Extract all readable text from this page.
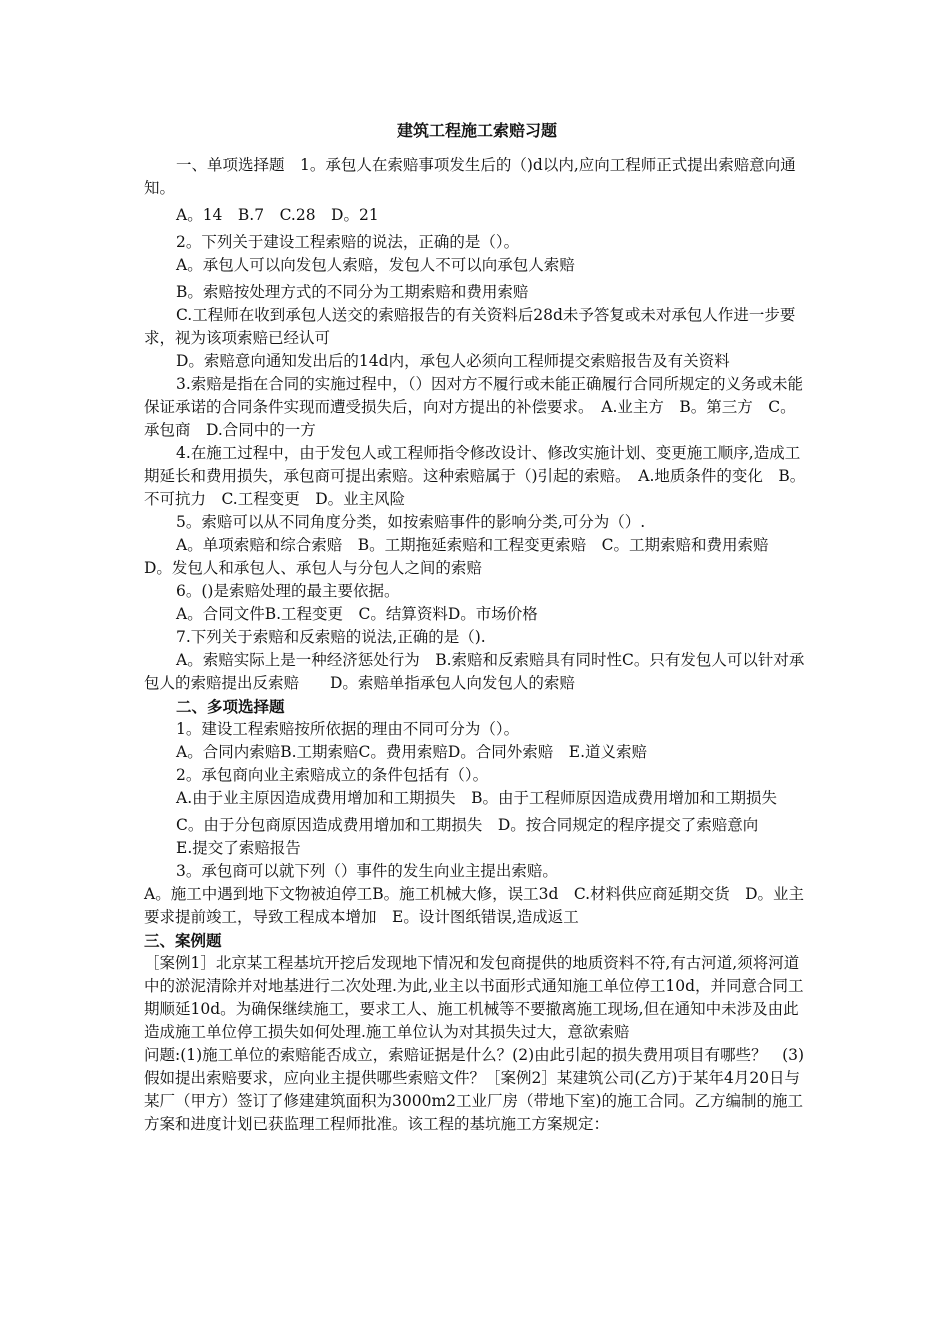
建筑工程施工索赔习题

一、单项选择题　1。承包人在索赔事项发生后的（)d以内,应向工程师正式提出索赔意向通知。

A。14　B.7　C.28　D。21

2。下列关于建设工程索赔的说法，正确的是（）。

A。承包人可以向发包人索赔，发包人不可以向承包人索赔

B。索赔按处理方式的不同分为工期索赔和费用索赔

C.工程师在收到承包人送交的索赔报告的有关资料后28d未予答复或未对承包人作进一步要求，视为该项索赔已经认可

D。索赔意向通知发出后的14d内，承包人必须向工程师提交索赔报告及有关资料

3.索赔是指在合同的实施过程中，（）因对方不履行或未能正确履行合同所规定的义务或未能保证承诺的合同条件实现而遭受损失后，向对方提出的补偿要求。　A.业主方　B。第三方　C。承包商　D.合同中的一方

4.在施工过程中，由于发包人或工程师指令修改设计、修改实施计划、变更施工顺序,造成工期延长和费用损失，承包商可提出索赔。这种索赔属于（)引起的索赔。　A.地质条件的变化　B。不可抗力　C.工程变更　D。业主风险

5。索赔可以从不同角度分类，如按索赔事件的影响分类,可分为（）.

A。单项索赔和综合索赔　B。工期拖延索赔和工程变更索赔　C。工期索赔和费用索赔　D。发包人和承包人、承包人与分包人之间的索赔

6。()是索赔处理的最主要依据。

A。合同文件B.工程变更　C。结算资料D。市场价格

7.下列关于索赔和反索赔的说法,正确的是（).

A。索赔实际上是一种经济惩处行为　B.索赔和反索赔具有同时性C。只有发包人可以针对承包人的索赔提出反索赔　　D。索赔单指承包人向发包人的索赔

二、多项选择题

1。建设工程索赔按所依据的理由不同可分为（）。

A。合同内索赔B.工期索赔C。费用索赔D。合同外索赔　E.道义索赔

2。承包商向业主索赔成立的条件包括有（）。

A.由于业主原因造成费用增加和工期损失　B。由于工程师原因造成费用增加和工期损失

C。由于分包商原因造成费用增加和工期损失　D。按合同规定的程序提交了索赔意向

E.提交了索赔报告

3。承包商可以就下列（）事件的发生向业主提出索赔。

A。施工中遇到地下文物被迫停工B。施工机械大修，误工3d　C.材料供应商延期交货　D。业主要求提前竣工，导致工程成本增加　E。设计图纸错误,造成返工

三、案例题

［案例1］北京某工程基坑开挖后发现地下情况和发包商提供的地质资料不符,有古河道,须将河道中的淤泥清除并对地基进行二次处理.为此,业主以书面形式通知施工单位停工10d，并同意合同工期顺延10d。为确保继续施工，要求工人、施工机械等不要撤离施工现场,但在通知中未涉及由此造成施工单位停工损失如何处理.施工单位认为对其损失过大，意欲索赔

问题:(1)施工单位的索赔能否成立，索赔证据是什么？(2)由此引起的损失费用项目有哪些？　(3)假如提出索赔要求，应向业主提供哪些索赔文件？［案例2］某建筑公司(乙方)于某年4月20日与某厂（甲方）签订了修建建筑面积为3000m2工业厂房（带地下室)的施工合同。乙方编制的施工方案和进度计划已获监理工程师批准。该工程的基坑施工方案规定：
